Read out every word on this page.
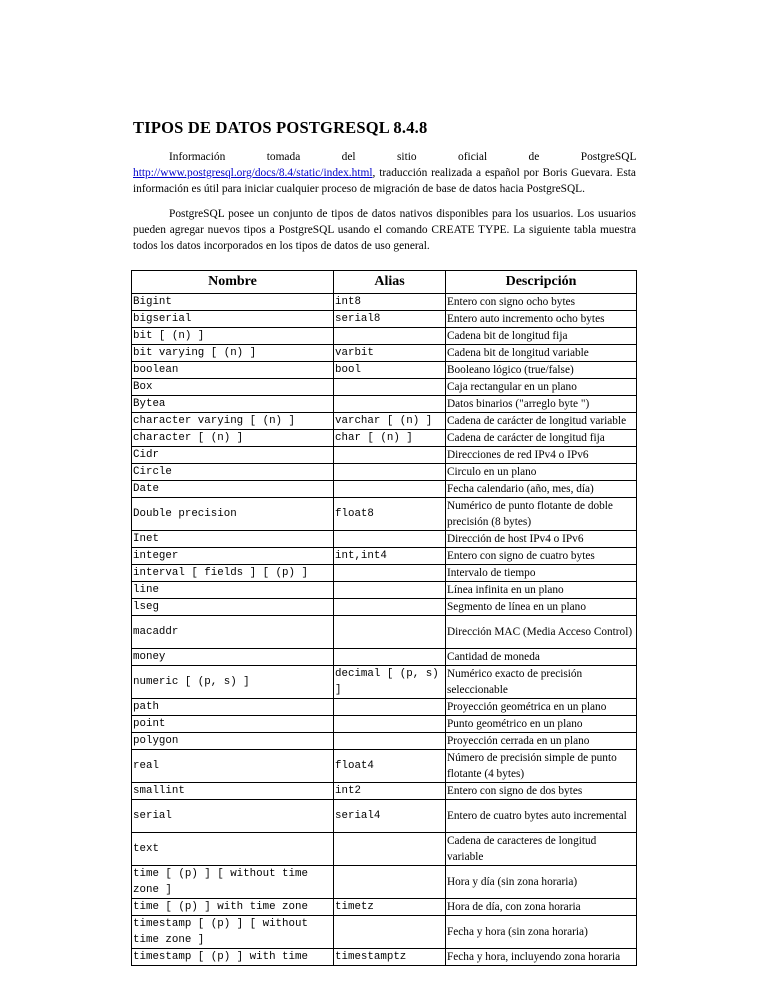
TIPOS DE DATOS POSTGRESQL 8.4.8
Información tomada del sitio oficial de PostgreSQL http://www.postgresql.org/docs/8.4/static/index.html, traducción realizada a español por Boris Guevara. Esta información es útil para iniciar cualquier proceso de migración de base de datos hacia PostgreSQL.
PostgreSQL posee un conjunto de tipos de datos nativos disponibles para los usuarios. Los usuarios pueden agregar nuevos tipos a PostgreSQL usando el comando CREATE TYPE. La siguiente tabla muestra todos los datos incorporados en los tipos de datos de uso general.
Nombre	Alias	Descripción
Bigint	int8	Entero con signo ocho bytes
bigserial	serial8	Entero auto incremento ocho bytes
bit [ (n) ]		Cadena bit de longitud fija
bit varying [ (n) ]	varbit	Cadena bit de longitud variable
boolean	bool	Booleano lógico (true/false)
Box		Caja rectangular en un plano
Bytea		Datos binarios ("arreglo byte ")
character varying [ (n) ]	varchar [ (n) ]	Cadena de carácter de longitud variable
character [ (n) ]	char [ (n) ]	Cadena de carácter de longitud fija
Cidr		Direcciones de red IPv4 o IPv6
Circle		Circulo en un plano
Date		Fecha calendario (año, mes, día)
Double precision	float8	Numérico de punto flotante de doble precisión (8 bytes)
Inet		Dirección de host IPv4 o IPv6
integer	int,int4	Entero con signo de cuatro bytes
interval [ fields ] [ (p) ]		Intervalo de tiempo
line		Línea infinita en un plano
lseg		Segmento de línea en un plano
macaddr		Dirección MAC (Media Acceso Control)
money		Cantidad de moneda
numeric [ (p, s) ]	decimal [ (p, s) ]	Numérico exacto de precisión seleccionable
path		Proyección geométrica en un plano
point		Punto geométrico en un plano
polygon		Proyección cerrada en un plano
real	float4	Número de precisión simple de punto flotante (4 bytes)
smallint	int2	Entero con signo de dos bytes
serial	serial4	Entero de cuatro bytes auto incremental
text		Cadena de caracteres de longitud variable
time [ (p) ] [ without time zone ]		Hora y día (sin zona horaria)
time [ (p) ] with time zone	timetz	Hora de día, con zona horaria
timestamp [ (p) ] [ without time zone ]		Fecha y hora (sin zona horaria)
timestamp [ (p) ] with time	timestamptz	Fecha y hora, incluyendo zona horaria
